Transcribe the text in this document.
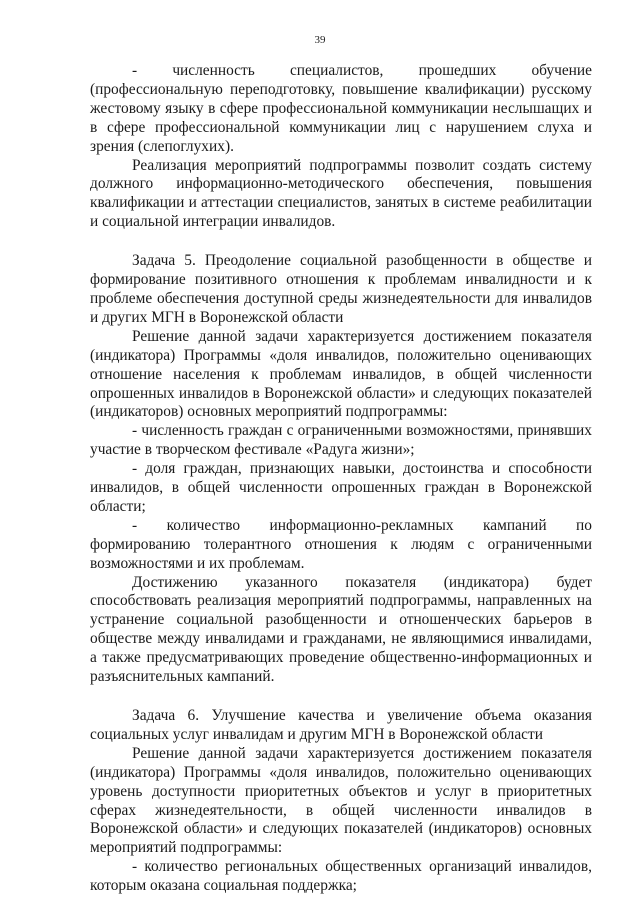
39

- численность специалистов, прошедших обучение (профессиональную переподготовку, повышение квалификации) русскому жестовому языку в сфере профессиональной коммуникации неслышащих и в сфере профессиональной коммуникации лиц с нарушением слуха и зрения (слепоглухих).

Реализация мероприятий подпрограммы позволит создать систему должного информационно-методического обеспечения, повышения квалификации и аттестации специалистов, занятых в системе реабилитации и социальной интеграции инвалидов.

Задача 5. Преодоление социальной разобщенности в обществе и формирование позитивного отношения к проблемам инвалидности и к проблеме обеспечения доступной среды жизнедеятельности для инвалидов и других МГН в Воронежской области

Решение данной задачи характеризуется достижением показателя (индикатора) Программы «доля инвалидов, положительно оценивающих отношение населения к проблемам инвалидов, в общей численности опрошенных инвалидов в Воронежской области» и следующих показателей (индикаторов) основных мероприятий подпрограммы:

- численность граждан с ограниченными возможностями, принявших участие в творческом фестивале «Радуга жизни»;

- доля граждан, признающих навыки, достоинства и способности инвалидов, в общей численности опрошенных граждан в Воронежской области;

- количество информационно-рекламных кампаний по формированию толерантного отношения к людям с ограниченными возможностями и их проблемам.

Достижению указанного показателя (индикатора) будет способствовать реализация мероприятий подпрограммы, направленных на устранение социальной разобщенности и отношенческих барьеров в обществе между инвалидами и гражданами, не являющимися инвалидами, а также предусматривающих проведение общественно-информационных и разъяснительных кампаний.

Задача 6. Улучшение качества и увеличение объема оказания социальных услуг инвалидам и другим МГН в Воронежской области

Решение данной задачи характеризуется достижением показателя (индикатора) Программы «доля инвалидов, положительно оценивающих уровень доступности приоритетных объектов и услуг в приоритетных сферах жизнедеятельности, в общей численности инвалидов в Воронежской области» и следующих показателей (индикаторов) основных мероприятий подпрограммы:

- количество региональных общественных организаций инвалидов, которым оказана социальная поддержка;
